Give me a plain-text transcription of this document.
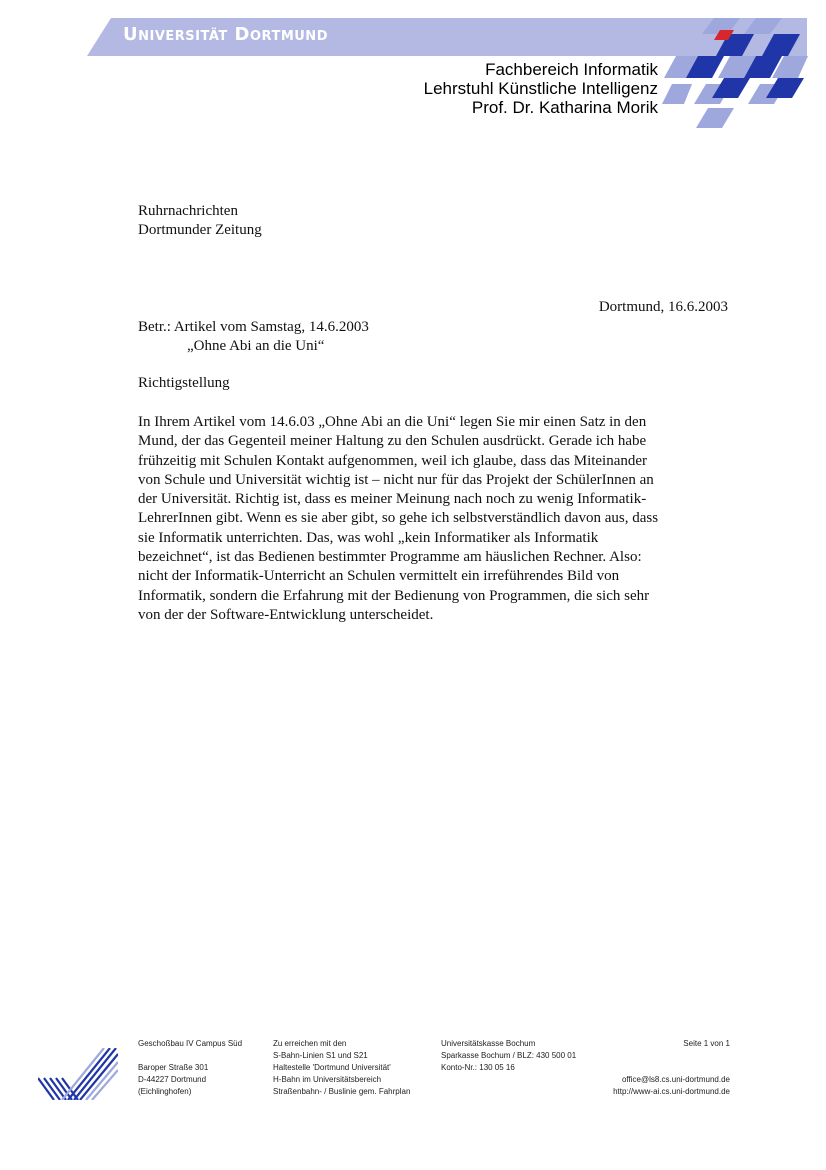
Universität Dortmund
Fachbereich Informatik
Lehrstuhl Künstliche Intelligenz
Prof. Dr. Katharina Morik
Ruhrnachrichten
Dortmunder Zeitung
Dortmund, 16.6.2003
Betr.: Artikel vom Samstag, 14.6.2003
„Ohne Abi an die Uni“
Richtigstellung
In Ihrem Artikel vom 14.6.03 „Ohne Abi an die Uni“ legen Sie mir einen Satz in den
Mund, der das Gegenteil meiner Haltung zu den Schulen ausdrückt. Gerade ich habe
frühzeitig mit Schulen Kontakt aufgenommen, weil ich glaube, dass das Miteinander
von Schule und Universität wichtig ist – nicht nur für das Projekt der SchülerInnen an
der Universität. Richtig ist, dass es meiner Meinung nach noch zu wenig Informatik-
LehrerInnen gibt. Wenn es sie aber gibt, so gehe ich selbstverständlich davon aus, dass
sie Informatik unterrichten. Das, was wohl „kein Informatiker als Informatik
bezeichnet“, ist das Bedienen bestimmter Programme am häuslichen Rechner. Also:
nicht der Informatik-Unterricht an Schulen vermittelt ein irreführendes Bild von
Informatik, sondern die Erfahrung mit der Bedienung von Programmen, die sich sehr
von der der Software-Entwicklung unterscheidet.
Geschoßbau IV Campus Süd
Baroper Straße 301
D-44227 Dortmund
(Eichlinghofen)
Zu erreichen mit den
S-Bahn-Linien S1 und S21
Haltestelle 'Dortmund Universität'
H-Bahn im Universitätsbereich
Straßenbahn- / Buslinie gem. Fahrplan
Universitätskasse Bochum
Sparkasse Bochum / BLZ: 430 500 01
Konto-Nr.: 130 05 16
Seite 1 von 1
office@ls8.cs.uni-dortmund.de
http://www-ai.cs.uni-dortmund.de
